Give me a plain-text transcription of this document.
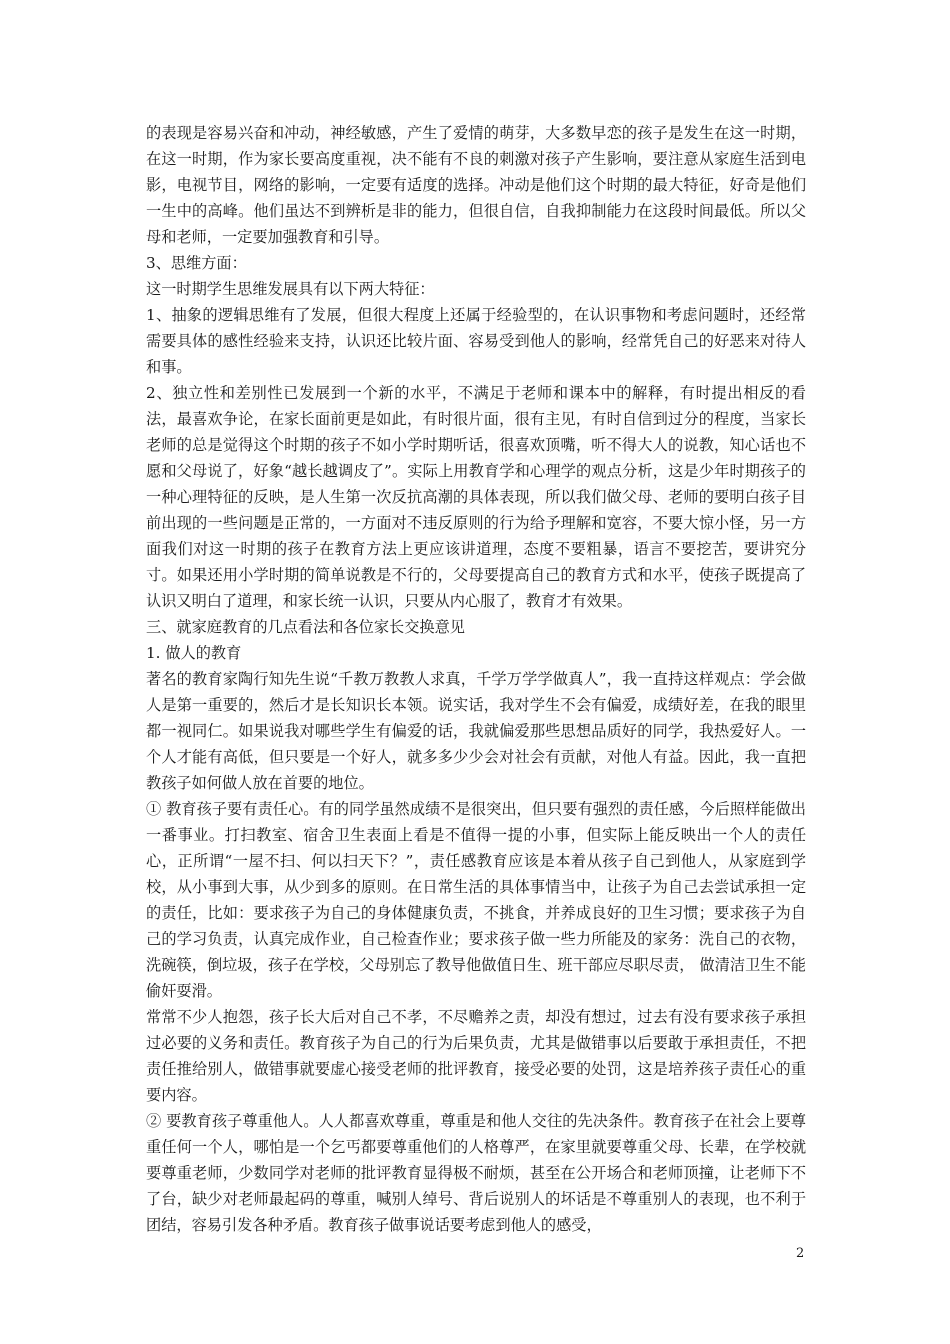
的表现是容易兴奋和冲动，神经敏感，产生了爱情的萌芽，大多数早恋的孩子是发生在这一时期，在这一时期，作为家长要高度重视，决不能有不良的刺激对孩子产生影响，要注意从家庭生活到电影，电视节目，网络的影响，一定要有适度的选择。冲动是他们这个时期的最大特征，好奇是他们一生中的高峰。他们虽达不到辨析是非的能力，但很自信，自我抑制能力在这段时间最低。所以父母和老师，一定要加强教育和引导。

3、思维方面：

这一时期学生思维发展具有以下两大特征：

1、抽象的逻辑思维有了发展，但很大程度上还属于经验型的，在认识事物和考虑问题时，还经常需要具体的感性经验来支持，认识还比较片面、容易受到他人的影响，经常凭自己的好恶来对待人和事。

2、独立性和差别性已发展到一个新的水平，不满足于老师和课本中的解释，有时提出相反的看法，最喜欢争论，在家长面前更是如此，有时很片面，很有主见，有时自信到过分的程度，当家长老师的总是觉得这个时期的孩子不如小学时期听话，很喜欢顶嘴，听不得大人的说教，知心话也不愿和父母说了，好象“越长越调皮了”。实际上用教育学和心理学的观点分析，这是少年时期孩子的一种心理特征的反映，是人生第一次反抗高潮的具体表现，所以我们做父母、老师的要明白孩子目前出现的一些问题是正常的，一方面对不违反原则的行为给予理解和宽容，不要大惊小怪，另一方面我们对这一时期的孩子在教育方法上更应该讲道理，态度不要粗暴，语言不要挖苦，要讲究分寸。如果还用小学时期的简单说教是不行的，父母要提高自己的教育方式和水平，使孩子既提高了认识又明白了道理，和家长统一认识，只要从内心服了，教育才有效果。

三、就家庭教育的几点看法和各位家长交换意见

1. 做人的教育

著名的教育家陶行知先生说“千教万教教人求真，千学万学学做真人”，我一直持这样观点：学会做人是第一重要的，然后才是长知识长本领。说实话，我对学生不会有偏爱，成绩好差，在我的眼里都一视同仁。如果说我对哪些学生有偏爱的话，我就偏爱那些思想品质好的同学，我热爱好人。一个人才能有高低，但只要是一个好人，就多多少少会对社会有贡献，对他人有益。因此，我一直把教孩子如何做人放在首要的地位。

① 教育孩子要有责任心。有的同学虽然成绩不是很突出，但只要有强烈的责任感，今后照样能做出一番事业。打扫教室、宿舍卫生表面上看是不值得一提的小事，但实际上能反映出一个人的责任心，正所谓“一屋不扫、何以扫天下？”，责任感教育应该是本着从孩子自己到他人，从家庭到学校，从小事到大事，从少到多的原则。在日常生活的具体事情当中，让孩子为自己去尝试承担一定的责任，比如：要求孩子为自己的身体健康负责，不挑食，并养成良好的卫生习惯；要求孩子为自己的学习负责，认真完成作业，自己检查作业；要求孩子做一些力所能及的家务：洗自己的衣物，洗碗筷，倒垃圾，孩子在学校，父母别忘了教导他做值日生、班干部应尽职尽责， 做清洁卫生不能偷奸耍滑。

常常不少人抱怨，孩子长大后对自己不孝，不尽赡养之责，却没有想过，过去有没有要求孩子承担过必要的义务和责任。教育孩子为自己的行为后果负责，尤其是做错事以后要敢于承担责任，不把责任推给别人，做错事就要虚心接受老师的批评教育，接受必要的处罚，这是培养孩子责任心的重要内容。

② 要教育孩子尊重他人。人人都喜欢尊重，尊重是和他人交往的先决条件。教育孩子在社会上要尊重任何一个人，哪怕是一个乞丐都要尊重他们的人格尊严，在家里就要尊重父母、长辈，在学校就要尊重老师，少数同学对老师的批评教育显得极不耐烦，甚至在公开场合和老师顶撞，让老师下不了台，缺少对老师最起码的尊重，喊别人绰号、背后说别人的坏话是不尊重别人的表现，也不利于团结，容易引发各种矛盾。教育孩子做事说话要考虑到他人的感受，

2
